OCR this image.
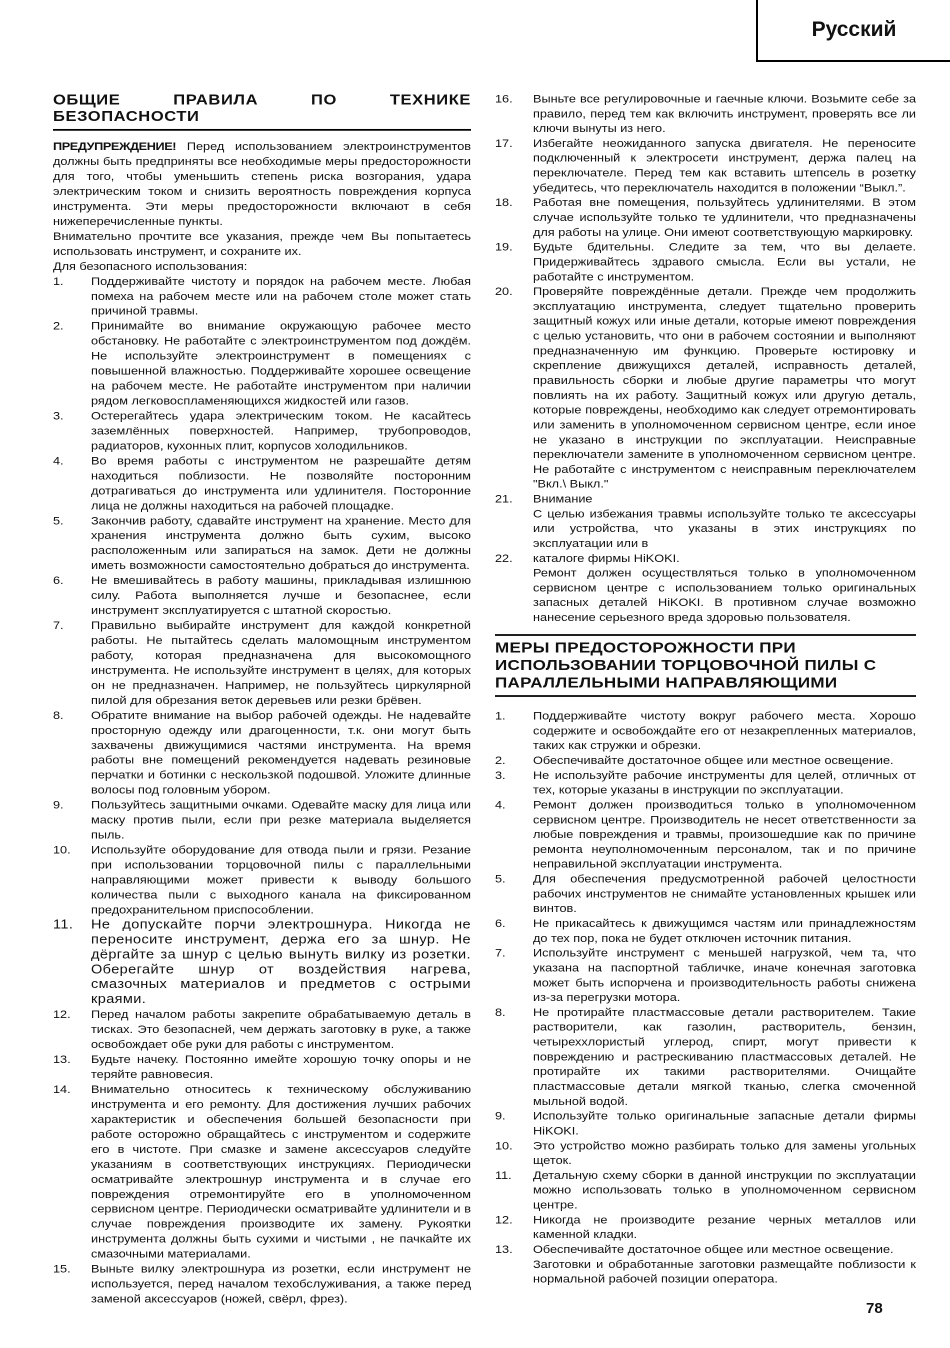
Русский
ОБЩИЕ ПРАВИЛА ПО ТЕХНИКЕ БЕЗОПАСНОСТИ

ПРЕДУПРЕЖДЕНИЕ! Перед использованием электроинструментов должны быть предприняты все необходимые меры предосторожности для того, чтобы уменьшить степень риска возгорания, удара электрическим током и снизить вероятность повреждения корпуса инструмента. Эти меры предосторожности включают в себя нижеперечисленные пункты.

Внимательно прочтите все указания, прежде чем Вы попытаетесь использовать инструмент, и сохраните их.

Для безопасного использования:

1.	Поддерживайте чистоту и порядок на рабочем месте. Любая помеха на рабочем месте или на рабочем столе может стать причиной травмы.
2.	Принимайте во внимание окружающую рабочее место обстановку. Не работайте с электроинструментом под дождём. Не используйте электроинструмент в помещениях с повышенной влажностью. Поддерживайте хорошее освещение на рабочем месте. Не работайте инструментом при наличии рядом легковоспламеняющихся жидкостей или газов.
3.	Остерегайтесь удара электрическим током. Не касайтесь заземлённых поверхностей. Например, трубопроводов, радиаторов, кухонных плит, корпусов холодильников.
4.	Во время работы с инструментом не разрешайте детям находиться поблизости. Не позволяйте посторонним дотрагиваться до инструмента или удлинителя. Посторонние лица не должны находиться на рабочей площадке.
5.	Закончив работу, сдавайте инструмент на хранение. Место для хранения инструмента должно быть сухим, высоко расположенным или запираться на замок. Дети не должны иметь возможности самостоятельно добраться до инструмента.
6.	Не вмешивайтесь в работу машины, прикладывая излишнюю силу. Работа выполняется лучше и безопаснее, если инструмент эксплуатируется с штатной скоростью.
7.	Правильно выбирайте инструмент для каждой конкретной работы. Не пытайтесь сделать маломощным инструментом работу, которая предназначена для высокомощного инструмента. Не используйте инструмент в целях, для которых он не предназначен. Например, не пользуйтесь циркулярной пилой для обрезания веток деревьев или резки брёвен.
8.	Обратите внимание на выбор рабочей одежды. Не надевайте просторную одежду или драгоценности, т.к. они могут быть захвачены движущимися частями инструмента. На время работы вне помещений рекомендуется надевать резиновые перчатки и ботинки с нескользкой подошвой. Уложите длинные волосы под головным убором.
9.	Пользуйтесь защитными очками. Одевайте маску для лица или маску против пыли, если при резке материала выделяется пыль.
10.	Используйте оборудование для отвода пыли и грязи. Резание при использовании торцовочной пилы с параллельными направляющими может привести к выводу большого количества пыли с выходного канала на фиксированном предохранительном приспособлении.
11.	Не допускайте порчи электрошнура. Никогда не переносите инструмент, держа его за шнур. Не дёргайте за шнур с целью вынуть вилку из розетки. Оберегайте шнур от воздействия нагрева, смазочных материалов и предметов с острыми краями.
12.	Перед началом работы закрепите обрабатываемую деталь в тисках. Это безопасней, чем держать заготовку в руке, а также освобождает обе руки для работы с инструментом.
13.	Будьте начеку. Постоянно имейте хорошую точку опоры и не теряйте равновесия.
14.	Внимательно относитесь к техническому обслуживанию инструмента и его ремонту. Для достижения лучших рабочих характеристик и обеспечения большей безопасности при работе осторожно обращайтесь с инструментом и содержите его в чистоте. При смазке и замене аксессуаров следуйте указаниям в соответствующих инструкциях. Периодически осматривайте электрошнур инструмента и в случае его повреждения отремонтируйте его в уполномоченном сервисном центре. Периодически осматривайте удлинители и в случае повреждения производите их замену. Рукоятки инструмента должны быть сухими и чистыми , не пачкайте их смазочными материалами.
15.	Выньте вилку электрошнура из розетки, если инструмент не используется, перед началом техобслуживания, а также перед заменой аксессуаров (ножей, свёрл, фрез).
16.	Выньте все регулировочные и гаечные ключи. Возьмите себе за правило, перед тем как включить инструмент, проверять все ли ключи вынуты из него.
17.	Избегайте неожиданного запуска двигателя. Не переносите подключенный к электросети инструмент, держа палец на переключателе. Перед тем как вставить штепсель в розетку убедитесь, что переключатель находится в положении “Выкл.”.
18.	Работая вне помещения, пользуйтесь удлинителями. В этом случае используйте только те удлинители, что предназначены для работы на улице. Они имеют соответствующую маркировку.
19.	Будьте бдительны. Следите за тем, что вы делаете. Придерживайтесь здравого смысла. Если вы устали, не работайте с инструментом.
20.	Проверяйте повреждённые детали. Прежде чем продолжить эксплуатацию инструмента, следует тщательно проверить защитный кожух или иные детали, которые имеют повреждения с целью установить, что они в рабочем состоянии и выполняют предназначенную им функцию. Проверьте юстировку и скрепление движущихся деталей, исправность деталей, правильность сборки и любые другие параметры что могут повлиять на их работу. Защитный кожух или другую деталь, которые повреждены, необходимо как следует отремонтировать или заменить в уполномоченном сервисном центре, если иное не указано в инструкции по эксплуатации. Неисправные переключатели замените в уполномоченном сервисном центре. Не работайте с инструментом с неисправным переключателем "Вкл.\ Выкл."
21.	Внимание
С целью избежания травмы используйте только те аксессуары или устройства, что указаны в этих инструкциях по эксплуатации или в
22.	каталоге фирмы HiKOKI.
Ремонт должен осуществляться только в уполномоченном сервисном центре с использованием только оригинальных запасных деталей HiKOKI. В противном случае возможно нанесение серьезного вреда здоровью пользователя.
МЕРЫ ПРЕДОСТОРОЖНОСТИ ПРИ ИСПОЛЬЗОВАНИИ ТОРЦОВОЧНОЙ ПИЛЫ С ПАРАЛЛЕЛЬНЫМИ НАПРАВЛЯЮЩИМИ
1.	Поддерживайте чистоту вокруг рабочего места. Хорошо содержите и освобождайте его от незакрепленных материалов, таких как стружки и обрезки.
2.	Обеспечивайте достаточное общее или местное освещение.
3.	Не используйте рабочие инструменты для целей, отличных от тех, которые указаны в инструкции по эксплуатации.
4.	Ремонт должен производиться только в уполномоченном сервисном центре. Производитель не несет ответственности за любые повреждения и травмы, произошедшие как по причине ремонта неуполномоченным персоналом, так и по причине неправильной эксплуатации инструмента.
5.	Для обеспечения предусмотренной рабочей целостности рабочих инструментов не снимайте установленных крышек или винтов.
6.	Не прикасайтесь к движущимся частям или принадлежностям до тех пор, пока не будет отключен источник питания.
7.	Используйте инструмент с меньшей нагрузкой, чем та, что указана на паспортной табличке, иначе конечная заготовка может быть испорчена и производительность работы снижена из-за перегрузки мотора.
8.	Не протирайте пластмассовые детали растворителем. Такие растворители, как газолин, растворитель, бензин, четыреххлористый углерод, спирт, могут привести к повреждению и растрескиванию пластмассовых деталей. Не протирайте их такими растворителями. Очищайте пластмассовые детали мягкой тканью, слегка смоченной мыльной водой.
9.	Используйте только оригинальные запасные детали фирмы HiKOKI.
10.	Это устройство можно разбирать только для замены угольных щеток.
11.	Детальную схему сборки в данной инструкции по эксплуатации можно использовать только в уполномоченном сервисном центре.
12.	Никогда не производите резание черных металлов или каменной кладки.
13.	Обеспечивайте достаточное общее или местное освещение.
Заготовки и обработанные заготовки размещайте поблизости к нормальной рабочей позиции оператора.
78
